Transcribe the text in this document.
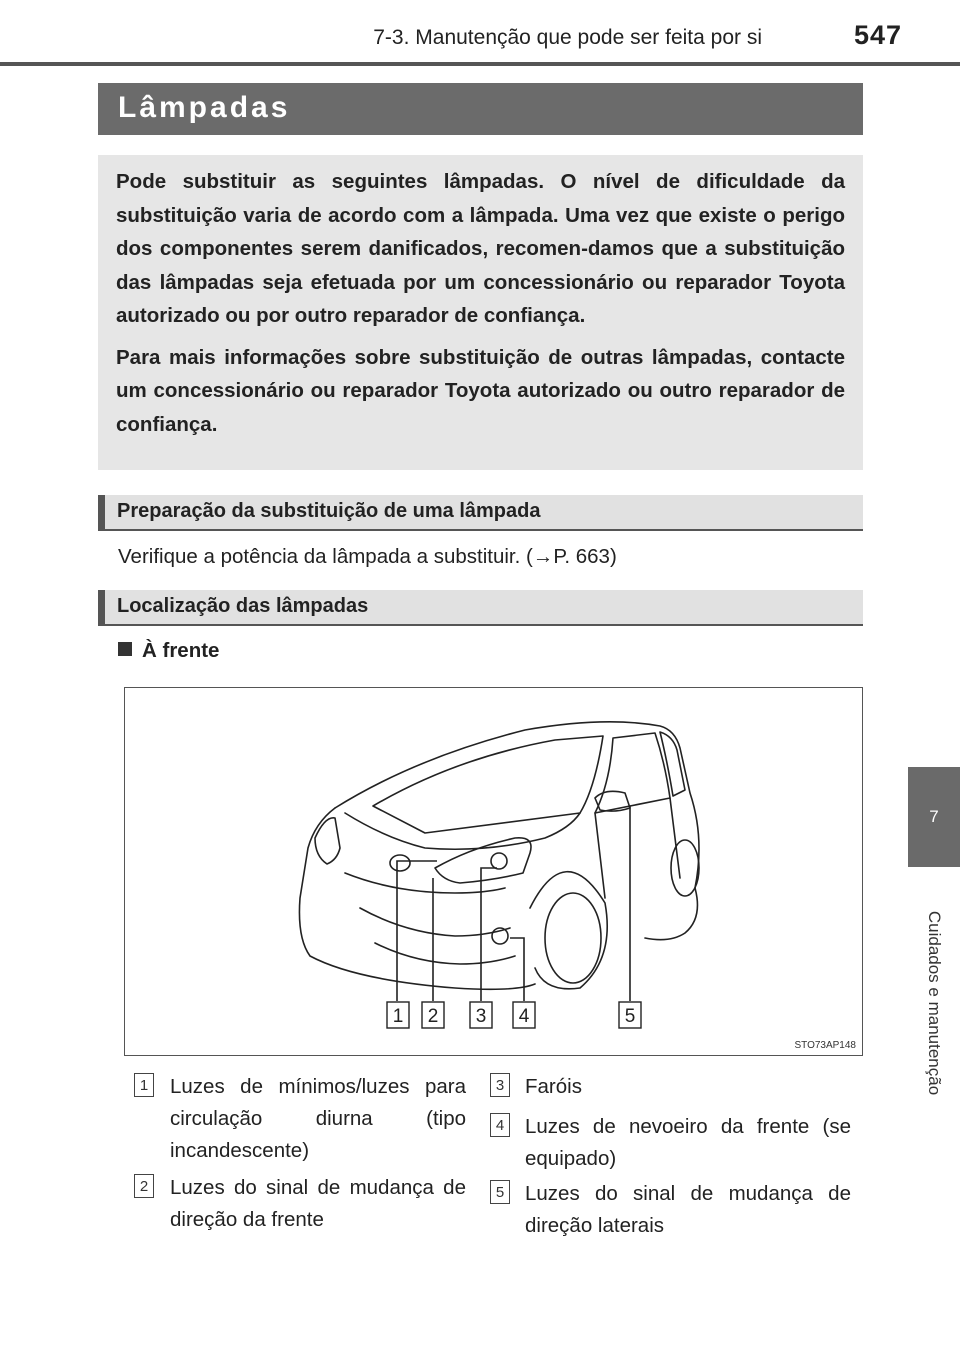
7-3. Manutenção que pode ser feita por si	547
7
Cuidados e manutenção
Lâmpadas

Pode substituir as seguintes lâmpadas. O nível de dificuldade da substituição varia de acordo com a lâmpada. Uma vez que existe o perigo dos componentes serem danificados, recomen-damos que a substituição das lâmpadas seja efetuada por um concessionário ou reparador Toyota autorizado ou por outro reparador de confiança.

Para mais informações sobre substituição de outras lâmpadas, contacte um concessionário ou reparador Toyota autorizado ou outro reparador de confiança.

Preparação da substituição de uma lâmpada
Verifique a potência da lâmpada a substituir. (→P. 663)
Localização das lâmpadas
À frente
1 2 3 4	5
STO73AP148
1 Luzes de mínimos/luzes para circulação diurna (tipo incandescente)
2 Luzes do sinal de mudança de direção da frente
3 Faróis
4 Luzes de nevoeiro da frente (se equipado)
5 Luzes do sinal de mudança de direção laterais
